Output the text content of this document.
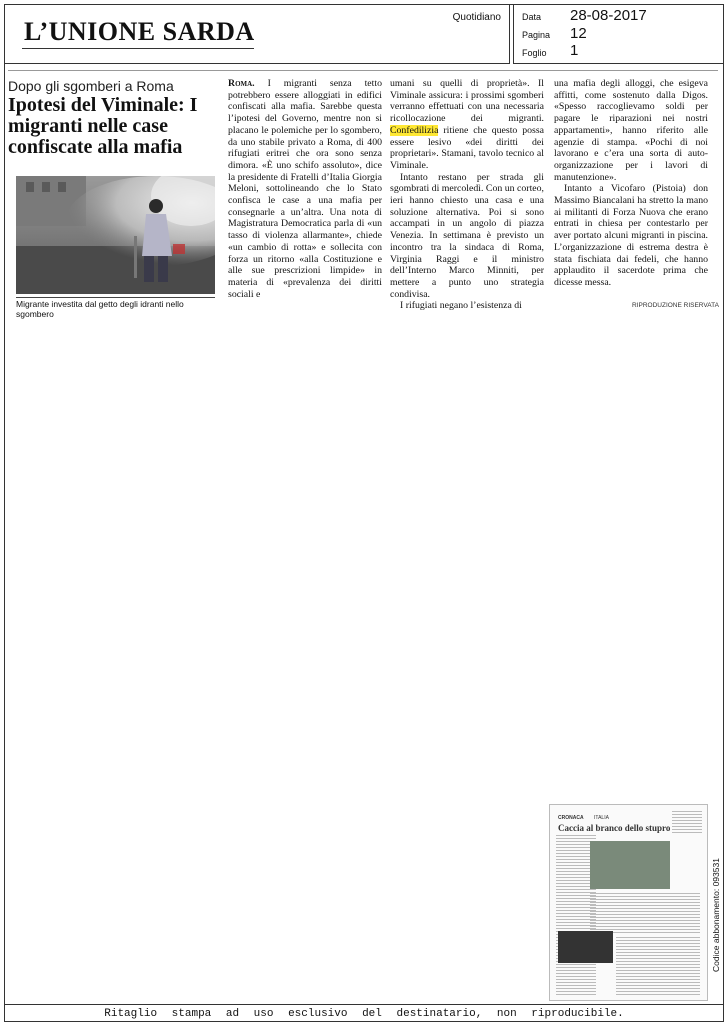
L’UNIONE SARDA	Quotidiano Data 28-08-2017
Pagina 12
Foglio 1
Dopo gli sgomberi a Roma
Ipotesi del Viminale: I migranti nelle case confiscate alla mafia
Migrante investita dal getto degli idranti nello sgombero

Roma. I migranti senza tetto potrebbero essere alloggiati in edifici confiscati alla mafia. Sarebbe questa l’ipotesi del Governo, mentre non si placano le polemiche per lo sgombero, da uno stabile privato a Roma, di 400 rifugiati eritrei che ora sono senza dimora. «È uno schifo assoluto», dice la presidente di Fratelli d’Italia Giorgia Meloni, sottolineando che lo Stato confisca le case a una mafia per consegnarle a un’altra. Una nota di Magistratura Democratica parla di «un tasso di violenza allarmante», chiede «un cambio di rotta» e sollecita con forza un ritorno «alla Costituzione e alle sue prescrizioni limpide» in materia di «prevalenza dei diritti sociali e

umani su quelli di proprietà». Il Viminale assicura: i prossimi sgomberi verranno effettuati con una necessaria ricollocazione dei migranti. Confedilizia ritiene che questo possa essere lesivo «dei diritti dei proprietari». Stamani, tavolo tecnico al Viminale.

Intanto restano per strada gli sgombrati di mercoledì. Con un corteo, ieri hanno chiesto una casa e una soluzione alternativa. Poi si sono accampati in un angolo di piazza Venezia. In settimana è previsto un incontro tra la sindaca di Roma, Virginia Raggi e il ministro dell’Interno Marco Minniti, per mettere a punto uno strategia condivisa.

I rifugiati negano l’esistenza di

una mafia degli alloggi, che esigeva affitti, come sostenuto dalla Digos. «Spesso raccoglievamo soldi per pagare le riparazioni nei nostri appartamenti», hanno riferito alle agenzie di stampa. «Pochi di noi lavorano e c’era una sorta di auto-organizzazione per i lavori di manutenzione».

Intanto a Vicofaro (Pistoia) don Massimo Biancalani ha stretto la mano ai militanti di Forza Nuova che erano entrati in chiesa per contestarlo per aver portato alcuni migranti in piscina. L’organizzazione di estrema destra è stata fischiata dai fedeli, che hanno applaudito il sacerdote prima che dicesse messa.

RIPRODUZIONE RISERVATA
CRONACA ITALIA
Caccia al branco dello stupro
Codice abbonamento: 093531
Ritaglio stampa ad uso esclusivo del destinatario, non riproducibile.
